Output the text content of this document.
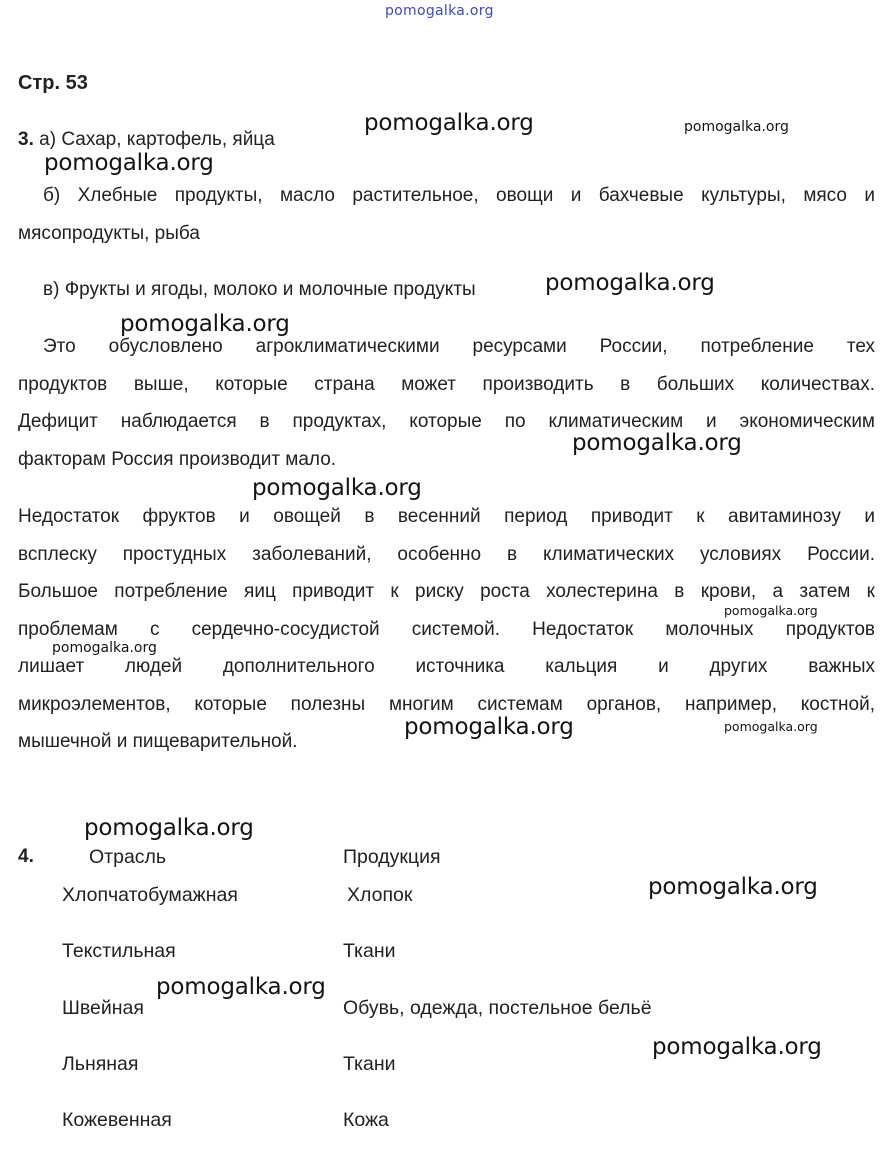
pomogalka.org
Стр. 53
3. а) Сахар, картофель, яйца
б) Хлебные продукты, масло растительное, овощи и бахчевые культуры, мясо и
мясопродукты, рыба
в) Фрукты и ягоды, молоко и молочные продукты
Это обусловлено агроклиматическими ресурсами России, потребление тех
продуктов выше, которые страна может производить в больших количествах.
Дефицит наблюдается в продуктах, которые по климатическим и экономическим
факторам Россия производит мало.
Недостаток фруктов и овощей в весенний период приводит к авитаминозу и
всплеску простудных заболеваний, особенно в климатических условиях России.
Большое потребление яиц приводит к риску роста холестерина в крови, а затем к
проблемам с сердечно-сосудистой системой. Недостаток молочных продуктов
лишает людей дополнительного источника кальция и других важных
микроэлементов, которые полезны многим системам органов, например, костной,
мышечной и пищеварительной.
4.	Отрасль	Продукция
Хлопчатобумажная	Хлопок
Текстильная	Ткани
Швейная	Обувь, одежда, постельное бельё
Льняная	Ткани
Кожевенная	Кожа
pomogalka.org	pomogalka.org
pomogalka.org
pomogalka.org
pomogalka.org
pomogalka.org
pomogalka.org
pomogalka.org
pomogalka.org
pomogalka.org	pomogalka.org
pomogalka.org
pomogalka.org
pomogalka.org
pomogalka.org
